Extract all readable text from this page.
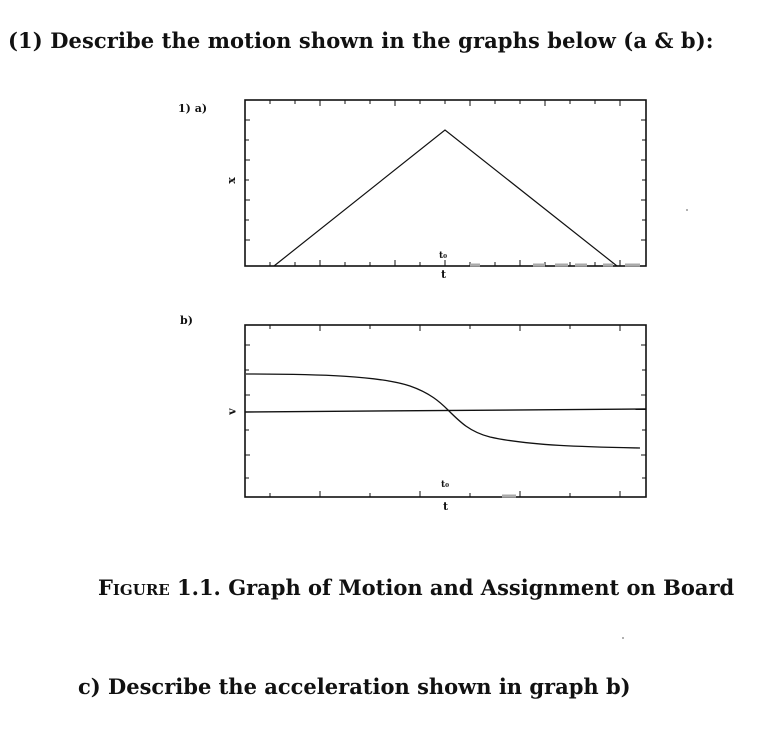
(1) Describe the motion shown in the graphs below (a & b):
1) a)
b)
x
t
t₀
v
t
t₀
Figure 1.1. Graph of Motion and Assignment on Board
c) Describe the acceleration shown in graph b)
